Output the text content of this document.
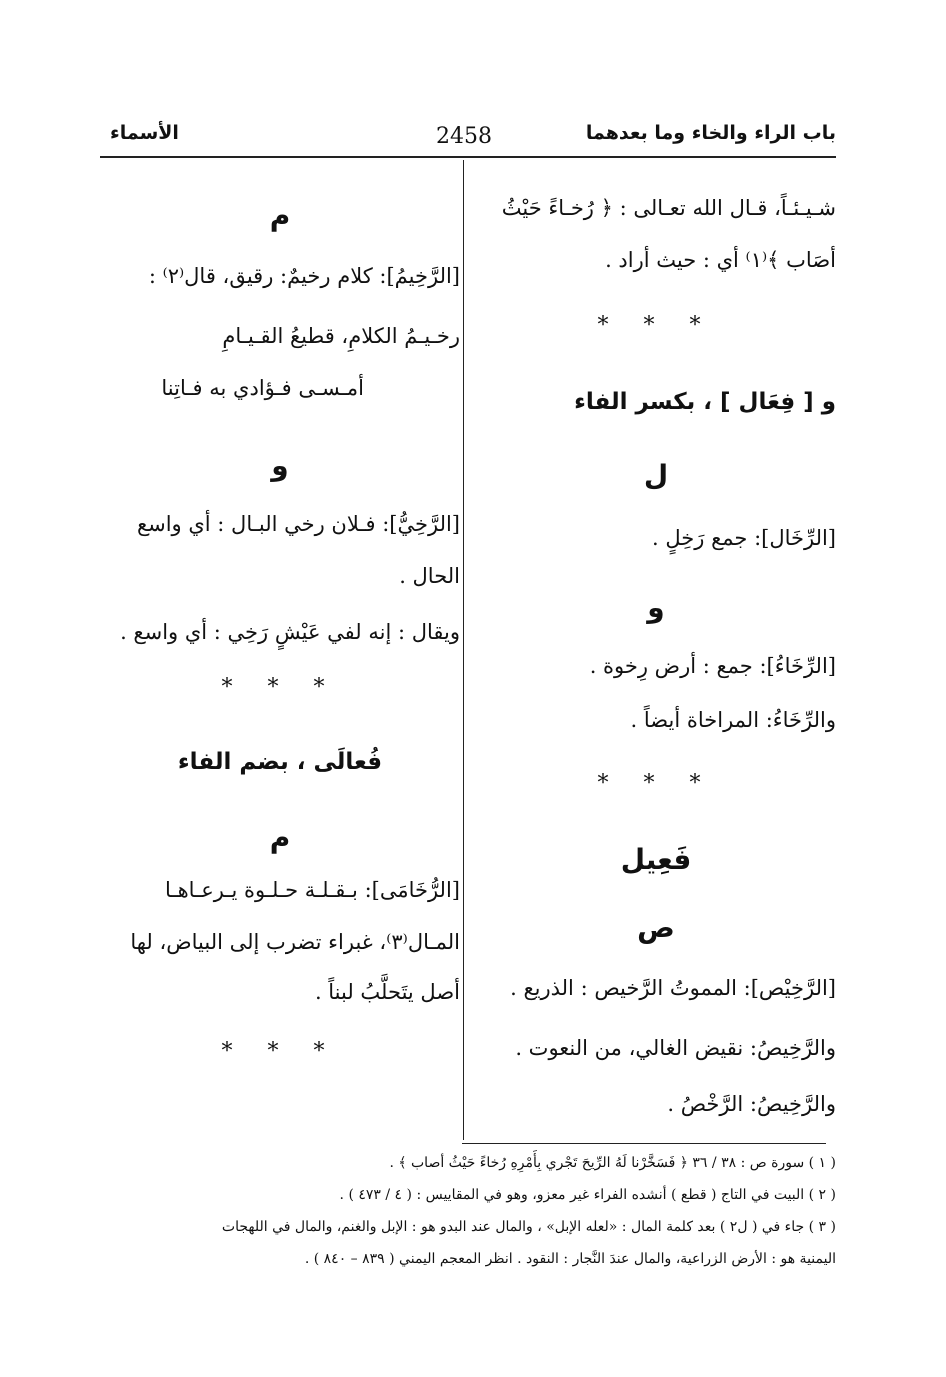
باب الراء والخاء وما بعدهما
2458
الأسماء
شـيـئـاً، قـال الله تعـالى : ﴿ رُخـاءً حَيْثُ
أصَاب ﴾⁽١⁾ أي : حيث أراد .
* * *
و [ فِعَال ] ، بكسر الفاء
ل
[الرِّخَال]: جمع رَخِلٍ .
و
[الرِّخَاءُ]: جمع : أرض رِخوة .
والرِّخَاءُ: المراخاة أيضاً .
* * *
فَعِيل
ص
[الرَّخِيْص]: المموتُ الرَّخيص : الذريع .
والرَّخِيصُ: نقيض الغالي، من النعوت .
والرَّخِيصُ: الرَّخْصُ .
م
[الرَّخِيمُ]: كلام رخيمٌ: رقيق، قال⁽٢⁾ :
رخـيـمُ الكلامِ، قطيعُ القـيـامِ
أمـسـى فـؤادي به فـاتِنا
و
[الرَّخِيُّ]: فـلان رخي البـال : أي واسع
الحال .
ويقال : إنه لفي عَيْشٍ رَخِي : أي واسع .
* * *
فُعالَى ، بضم الفاء
م
[الرُّخَامَى]: بـقـلـة حـلـوة يـرعـاهـا
المـال⁽٣⁾، غبراء تضرب إلى البياض، لها
أصل يتَحلَّبُ لبناً .
* * *
( ١ ) سورة ص : ٣٨ / ٣٦ ﴿ فَسَخَّرْنا لَهُ الرِّيحَ تَجْري بِأَمْرِهِ رُخاءً حَيْثُ أصاب ﴾ .
( ٢ ) البيت في التاج ( قطع ) أنشده الفراء غير معزو، وهو في المقاييس : ( ٤ / ٤٧٣ ) .
( ٣ ) جاء في ( ل٢ ) بعد كلمة المال : «لعله الإبل» ، والمال عند البدو هو : الإبل والغنم، والمال في اللهجات
اليمنية هو : الأرض الزراعية، والمال عندَ النَّجار : النقود . انظر المعجم اليمني ( ٨٣٩ – ٨٤٠ ) .
